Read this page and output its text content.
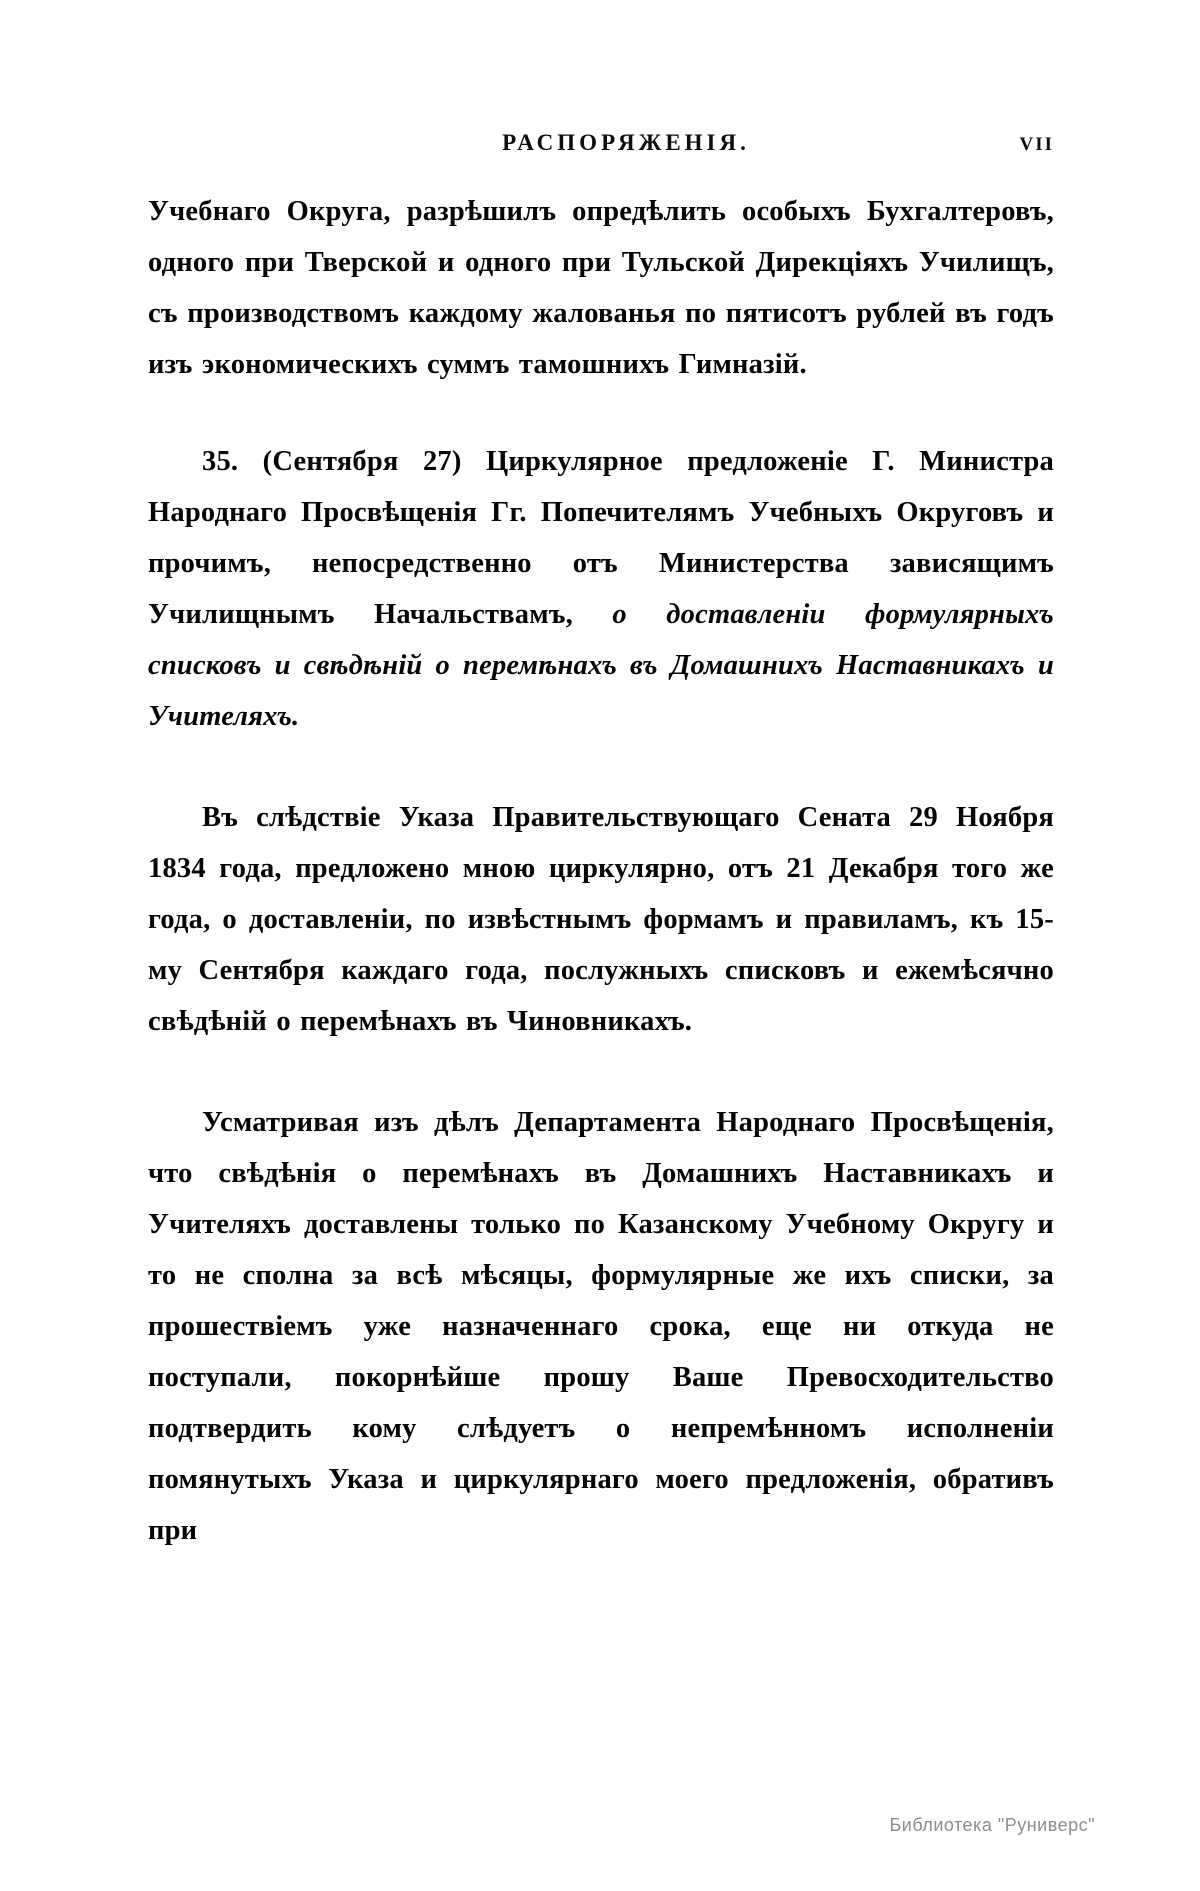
РАСПОРЯЖЕНІЯ.	VII

Учебнаго Округа, разрѣшилъ опредѣлить особыхъ Бухгалтеровъ, одного при Тверской и одного при Тульской Дирекціяхъ Училищъ, съ производствомъ каждому жалованья по пятисотъ рублей въ годъ изъ экономическихъ суммъ тамошнихъ Гимназій.

35. (Сентября 27) Циркулярное предложеніе Г. Министра Народнаго Просвѣщенія Гг. Попечителямъ Учебныхъ Округовъ и прочимъ, непосредственно отъ Министерства зависящимъ Училищнымъ Начальствамъ, о доставленіи формулярныхъ списковъ и свѣдѣній о перемѣнахъ въ Домашнихъ Наставникахъ и Учителяхъ.

Въ слѣдствіе Указа Правительствующаго Сената 29 Ноября 1834 года, предложено мною циркулярно, отъ 21 Декабря того же года, о доставленіи, по извѣстнымъ формамъ и правиламъ, къ 15-му Сентября каждаго года, послужныхъ списковъ и ежемѣсячно свѣдѣній о перемѣнахъ въ Чиновникахъ.

Усматривая изъ дѣлъ Департамента Народнаго Просвѣщенія, что свѣдѣнія о перемѣнахъ въ Домашнихъ Наставникахъ и Учителяхъ доставлены только по Казанскому Учебному Округу и то не сполна за всѣ мѣсяцы, формулярные же ихъ списки, за прошествіемъ уже назначеннаго срока, еще ни откуда не поступали, покорнѣйше прошу Ваше Превосходительство подтвердить кому слѣдуетъ о непремѣнномъ исполненіи помянутыхъ Указа и циркулярнаго моего предложенія, обративъ при

Библиотека "Руниверс"
